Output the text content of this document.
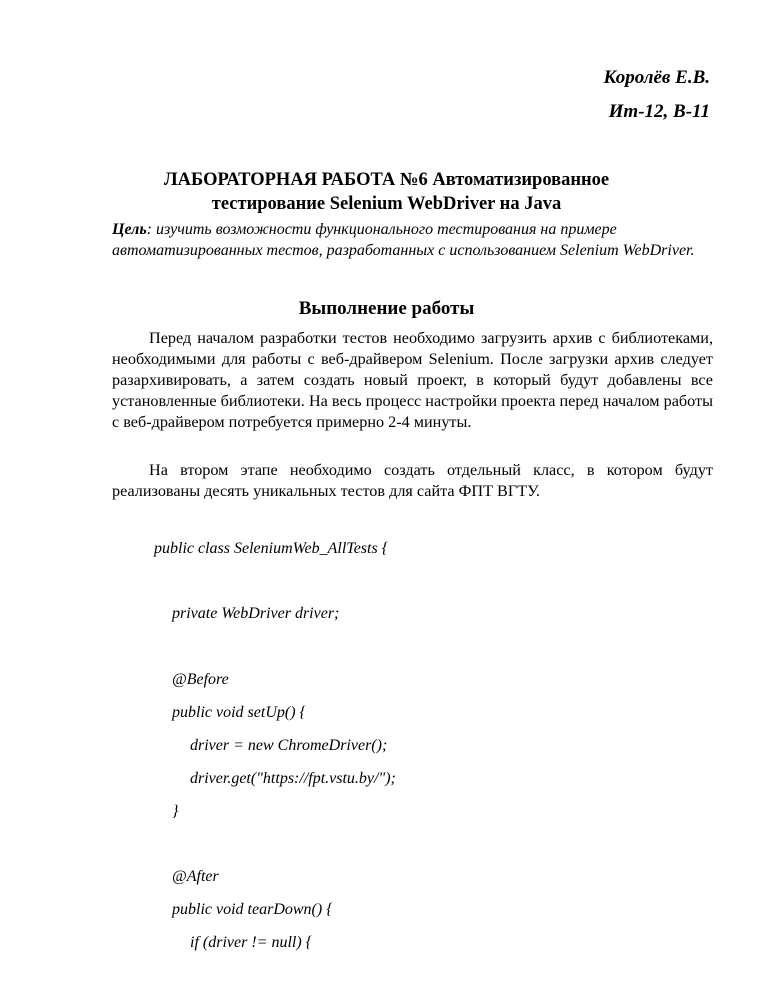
Королёв Е.В.
Ит-12, В-11
ЛАБОРАТОРНАЯ РАБОТА №6 Автоматизированное
тестирование Selenium WebDriver на Java
Цель: изучить возможности функционального тестирования на примере автоматизированных тестов, разработанных с использованием Selenium WebDriver.
Выполнение работы
Перед началом разработки тестов необходимо загрузить архив с библиотеками, необходимыми для работы с веб-драйвером Selenium. После загрузки архив следует разархивировать, а затем создать новый проект, в который будут добавлены все установленные библиотеки. На весь процесс настройки проекта перед началом работы с веб-драйвером потребуется примерно 2-4 минуты.
На втором этапе необходимо создать отдельный класс, в котором будут реализованы десять уникальных тестов для сайта ФПТ ВГТУ.
public class SeleniumWeb_AllTests {
private WebDriver driver;
@Before
public void setUp() {
driver = new ChromeDriver();
driver.get("https://fpt.vstu.by/");
}
@After
public void tearDown() {
if (driver != null) {
